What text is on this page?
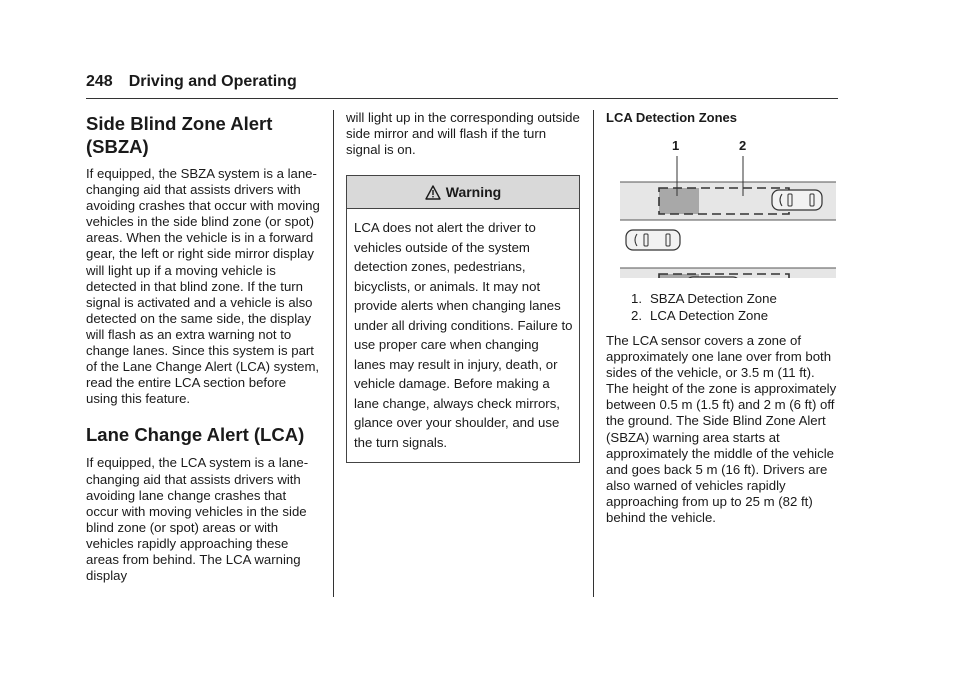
248 Driving and Operating
Side Blind Zone Alert (SBZA)

If equipped, the SBZA system is a lane-changing aid that assists drivers with avoiding crashes that occur with moving vehicles in the side blind zone (or spot) areas. When the vehicle is in a forward gear, the left or right side mirror display will light up if a moving vehicle is detected in that blind zone. If the turn signal is activated and a vehicle is also detected on the same side, the display will flash as an extra warning not to change lanes. Since this system is part of the Lane Change Alert (LCA) system, read the entire LCA section before using this feature.

Lane Change Alert (LCA)

If equipped, the LCA system is a lane-changing aid that assists drivers with avoiding lane change crashes that occur with moving vehicles in the side blind zone (or spot) areas or with vehicles rapidly approaching these areas from behind. The LCA warning display

will light up in the corresponding outside side mirror and will flash if the turn signal is on.

Warning
LCA does not alert the driver to vehicles outside of the system detection zones, pedestrians, bicyclists, or animals. It may not provide alerts when changing lanes under all driving conditions. Failure to use proper care when changing lanes may result in injury, death, or vehicle damage. Before making a lane change, always check mirrors, glance over your shoulder, and use the turn signals.

LCA Detection Zones

1	2
1. SBZA Detection Zone
2. LCA Detection Zone

The LCA sensor covers a zone of approximately one lane over from both sides of the vehicle, or 3.5 m (11 ft). The height of the zone is approximately between 0.5 m (1.5 ft) and 2 m (6 ft) off the ground. The Side Blind Zone Alert (SBZA) warning area starts at approximately the middle of the vehicle and goes back 5 m (16 ft). Drivers are also warned of vehicles rapidly approaching from up to 25 m (82 ft) behind the vehicle.
